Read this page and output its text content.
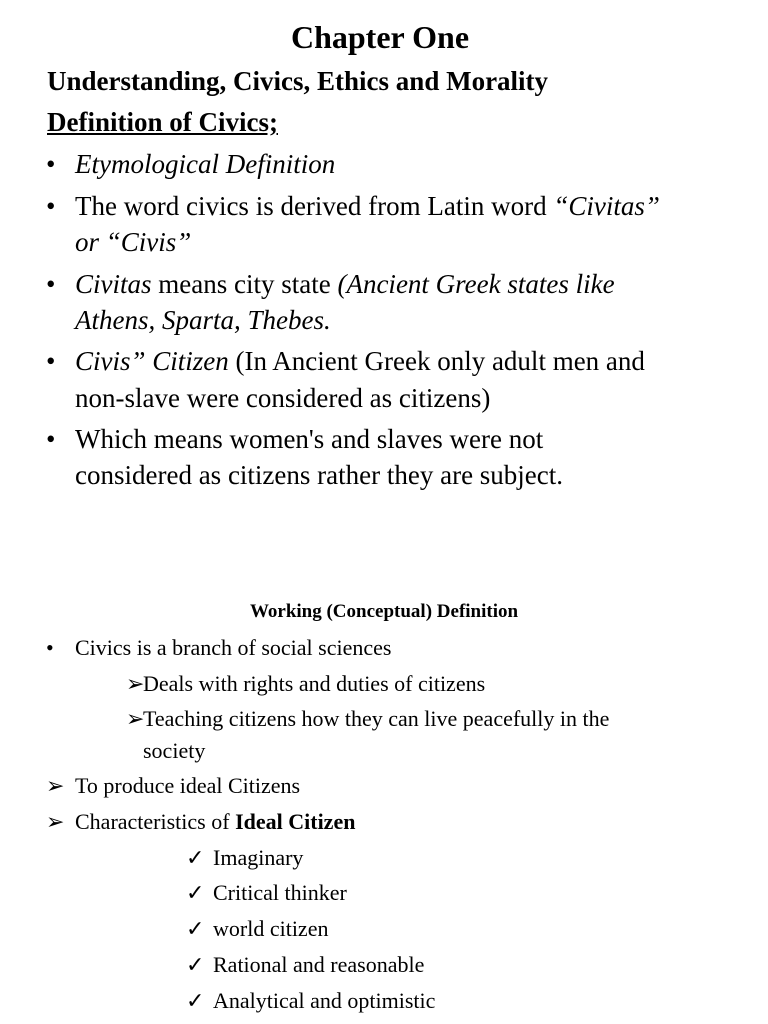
Chapter One
Understanding, Civics, Ethics and Morality
Definition of Civics;
• Etymological Definition
• The word civics is derived from Latin word “Civitas”
or “Civis”
• Civitas means city state (Ancient Greek states like
Athens, Sparta, Thebes.
• Civis” Citizen (In Ancient Greek only adult men and
non-slave were considered as citizens)
• Which means women's and slaves were not
considered as citizens rather they are subject.
Working (Conceptual) Definition
• Civics is a branch of social sciences
➢
Deals with rights and duties of citizens
➢
Teaching citizens how they can live peacefully in the
society
➢ To produce ideal Citizens
➢ Characteristics of Ideal Citizen
✓ Imaginary
✓ Critical thinker
✓ world citizen
✓ Rational and reasonable
✓ Analytical and optimistic
